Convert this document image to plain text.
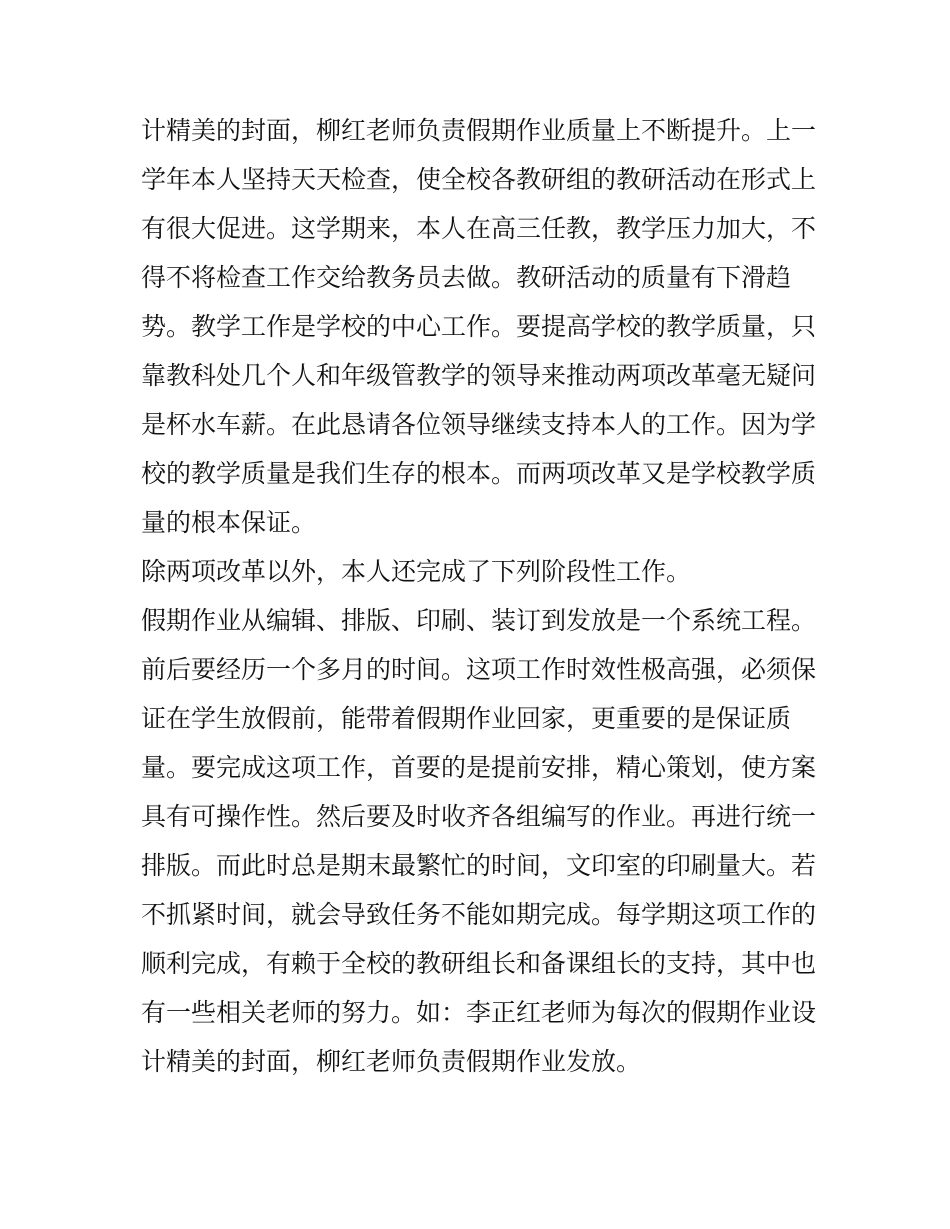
计精美的封面，柳红老师负责假期作业质量上不断提升。上一
学年本人坚持天天检查，使全校各教研组的教研活动在形式上
有很大促进。这学期来，本人在高三任教，教学压力加大，不
得不将检查工作交给教务员去做。教研活动的质量有下滑趋
势。教学工作是学校的中心工作。要提高学校的教学质量，只
靠教科处几个人和年级管教学的领导来推动两项改革毫无疑问
是杯水车薪。在此恳请各位领导继续支持本人的工作。因为学
校的教学质量是我们生存的根本。而两项改革又是学校教学质
量的根本保证。
除两项改革以外，本人还完成了下列阶段性工作。
假期作业从编辑、排版、印刷、装订到发放是一个系统工程。
前后要经历一个多月的时间。这项工作时效性极高强，必须保
证在学生放假前，能带着假期作业回家，更重要的是保证质
量。要完成这项工作，首要的是提前安排，精心策划，使方案
具有可操作性。然后要及时收齐各组编写的作业。再进行统一
排版。而此时总是期末最繁忙的时间，文印室的印刷量大。若
不抓紧时间，就会导致任务不能如期完成。每学期这项工作的
顺利完成，有赖于全校的教研组长和备课组长的支持，其中也
有一些相关老师的努力。如：李正红老师为每次的假期作业设
计精美的封面，柳红老师负责假期作业发放。
